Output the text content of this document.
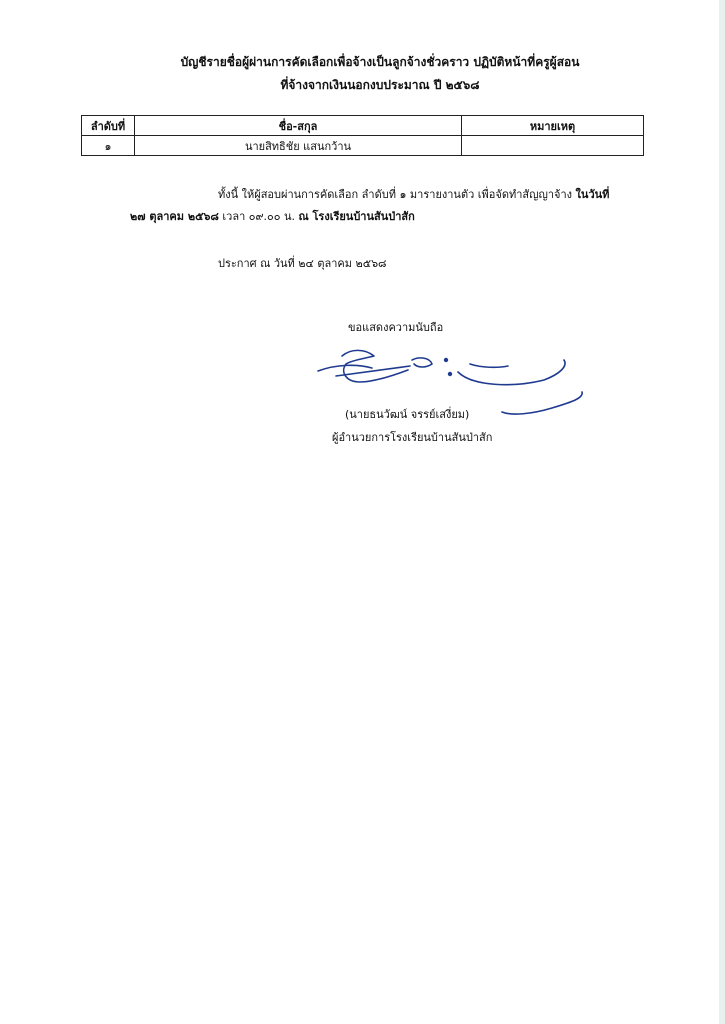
บัญชีรายชื่อผู้ผ่านการคัดเลือกเพื่อจ้างเป็นลูกจ้างชั่วคราว ปฏิบัติหน้าที่ครูผู้สอน
ที่จ้างจากเงินนอกงบประมาณ ปี ๒๕๖๘
ลำดับที่	ชื่อ-สกุล	หมายเหตุ
๑	นายสิทธิชัย แสนกว้าน	
ทั้งนี้ ให้ผู้สอบผ่านการคัดเลือก ลำดับที่ ๑ มารายงานตัว เพื่อจัดทำสัญญาจ้าง ในวันที่
๒๗ ตุลาคม ๒๕๖๘ เวลา ๐๙.๐๐ น. ณ โรงเรียนบ้านสันป่าสัก
ประกาศ ณ วันที่ ๒๔ ตุลาคม ๒๕๖๘
ขอแสดงความนับถือ
(นายธนวัฒน์ จรรย์เสงี่ยม)
ผู้อำนวยการโรงเรียนบ้านสันป่าสัก
